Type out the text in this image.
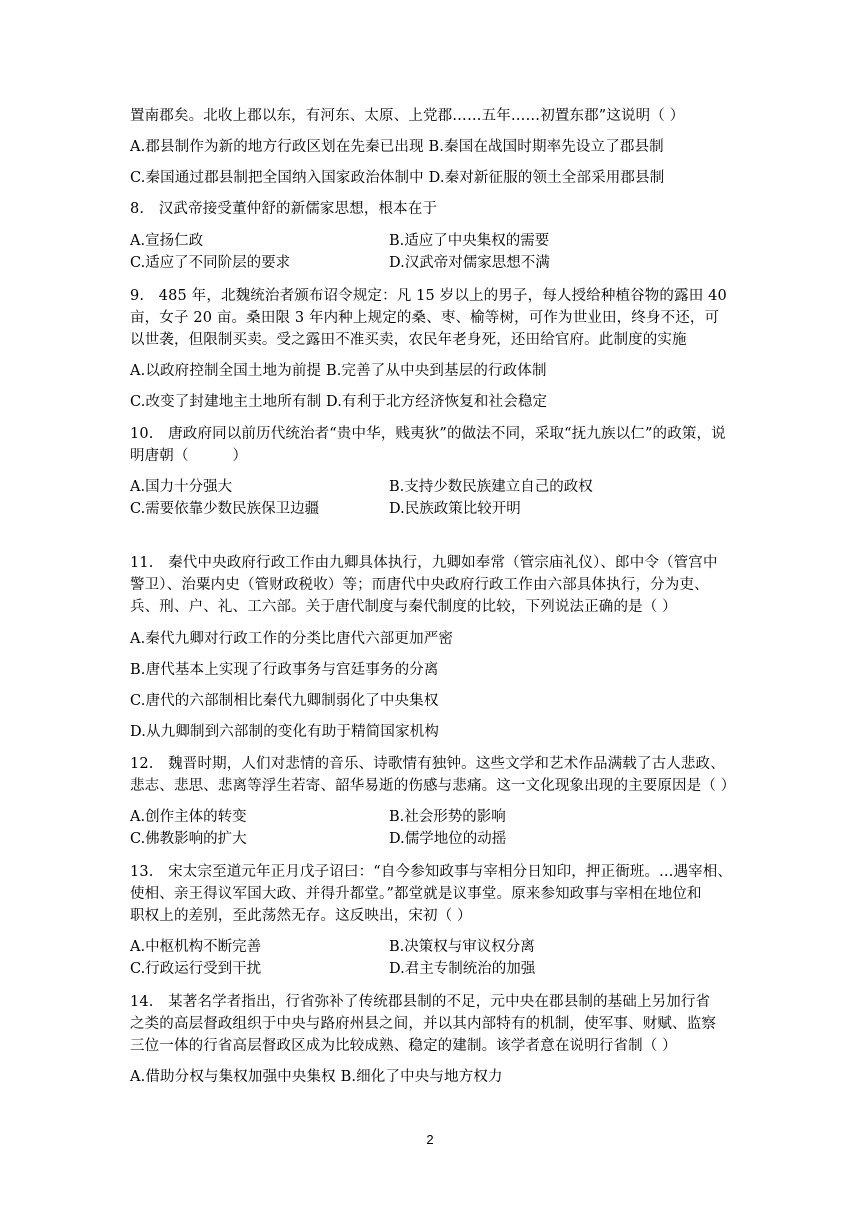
置南郡矣。北收上郡以东，有河东、太原、上党郡……五年……初置东郡”这说明（ ）
A.郡县制作为新的地方行政区划在先秦已出现 B.秦国在战国时期率先设立了郡县制
C.秦国通过郡县制把全国纳入国家政治体制中 D.秦对新征服的领土全部采用郡县制
8.　汉武帝接受董仲舒的新儒家思想，根本在于
A.宣扬仁政	B.适应了中央集权的需要
C.适应了不同阶层的要求	D.汉武帝对儒家思想不满
9.　485 年，北魏统治者颁布诏令规定：凡 15 岁以上的男子，每人授给种植谷物的露田 40
亩，女子 20 亩。桑田限 3 年内种上规定的桑、枣、榆等树，可作为世业田，终身不还，可
以世袭，但限制买卖。受之露田不准买卖，农民年老身死，还田给官府。此制度的实施
A.以政府控制全国土地为前提 B.完善了从中央到基层的行政体制
C.改变了封建地主土地所有制 D.有利于北方经济恢复和社会稳定
10.　唐政府同以前历代统治者“贵中华，贱夷狄”的做法不同，采取“抚九族以仁”的政策，说
明唐朝（　　　）
A.国力十分强大	B.支持少数民族建立自己的政权
C.需要依靠少数民族保卫边疆	D.民族政策比较开明
11.　秦代中央政府行政工作由九卿具体执行，九卿如奉常（管宗庙礼仪）、郎中令（管宫中
警卫）、治粟内史（管财政税收）等；而唐代中央政府行政工作由六部具体执行，分为吏、
兵、刑、户、礼、工六部。关于唐代制度与秦代制度的比较，下列说法正确的是（ ）
A.秦代九卿对行政工作的分类比唐代六部更加严密
B.唐代基本上实现了行政事务与宫廷事务的分离
C.唐代的六部制相比秦代九卿制弱化了中央集权
D.从九卿制到六部制的变化有助于精简国家机构
12.　魏晋时期，人们对悲情的音乐、诗歌情有独钟。这些文学和艺术作品满载了古人悲政、
悲志、悲思、悲离等浮生若寄、韶华易逝的伤感与悲痛。这一文化现象出现的主要原因是（ ）
A.创作主体的转变	B.社会形势的影响
C.佛教影响的扩大	D.儒学地位的动摇
13.　宋太宗至道元年正月戊子诏曰：“自今参知政事与宰相分日知印，押正衙班。...遇宰相、
使相、亲王得议军国大政、并得升都堂。”都堂就是议事堂。原来参知政事与宰相在地位和
职权上的差别，至此荡然无存。这反映出，宋初（ ）
A.中枢机构不断完善	B.决策权与审议权分离
C.行政运行受到干扰	D.君主专制统治的加强
14.　某著名学者指出，行省弥补了传统郡县制的不足，元中央在郡县制的基础上另加行省
之类的高层督政组织于中央与路府州县之间，并以其内部特有的机制，使军事、财赋、监察
三位一体的行省高层督政区成为比较成熟、稳定的建制。该学者意在说明行省制（ ）
A.借助分权与集权加强中央集权 B.细化了中央与地方权力
2
